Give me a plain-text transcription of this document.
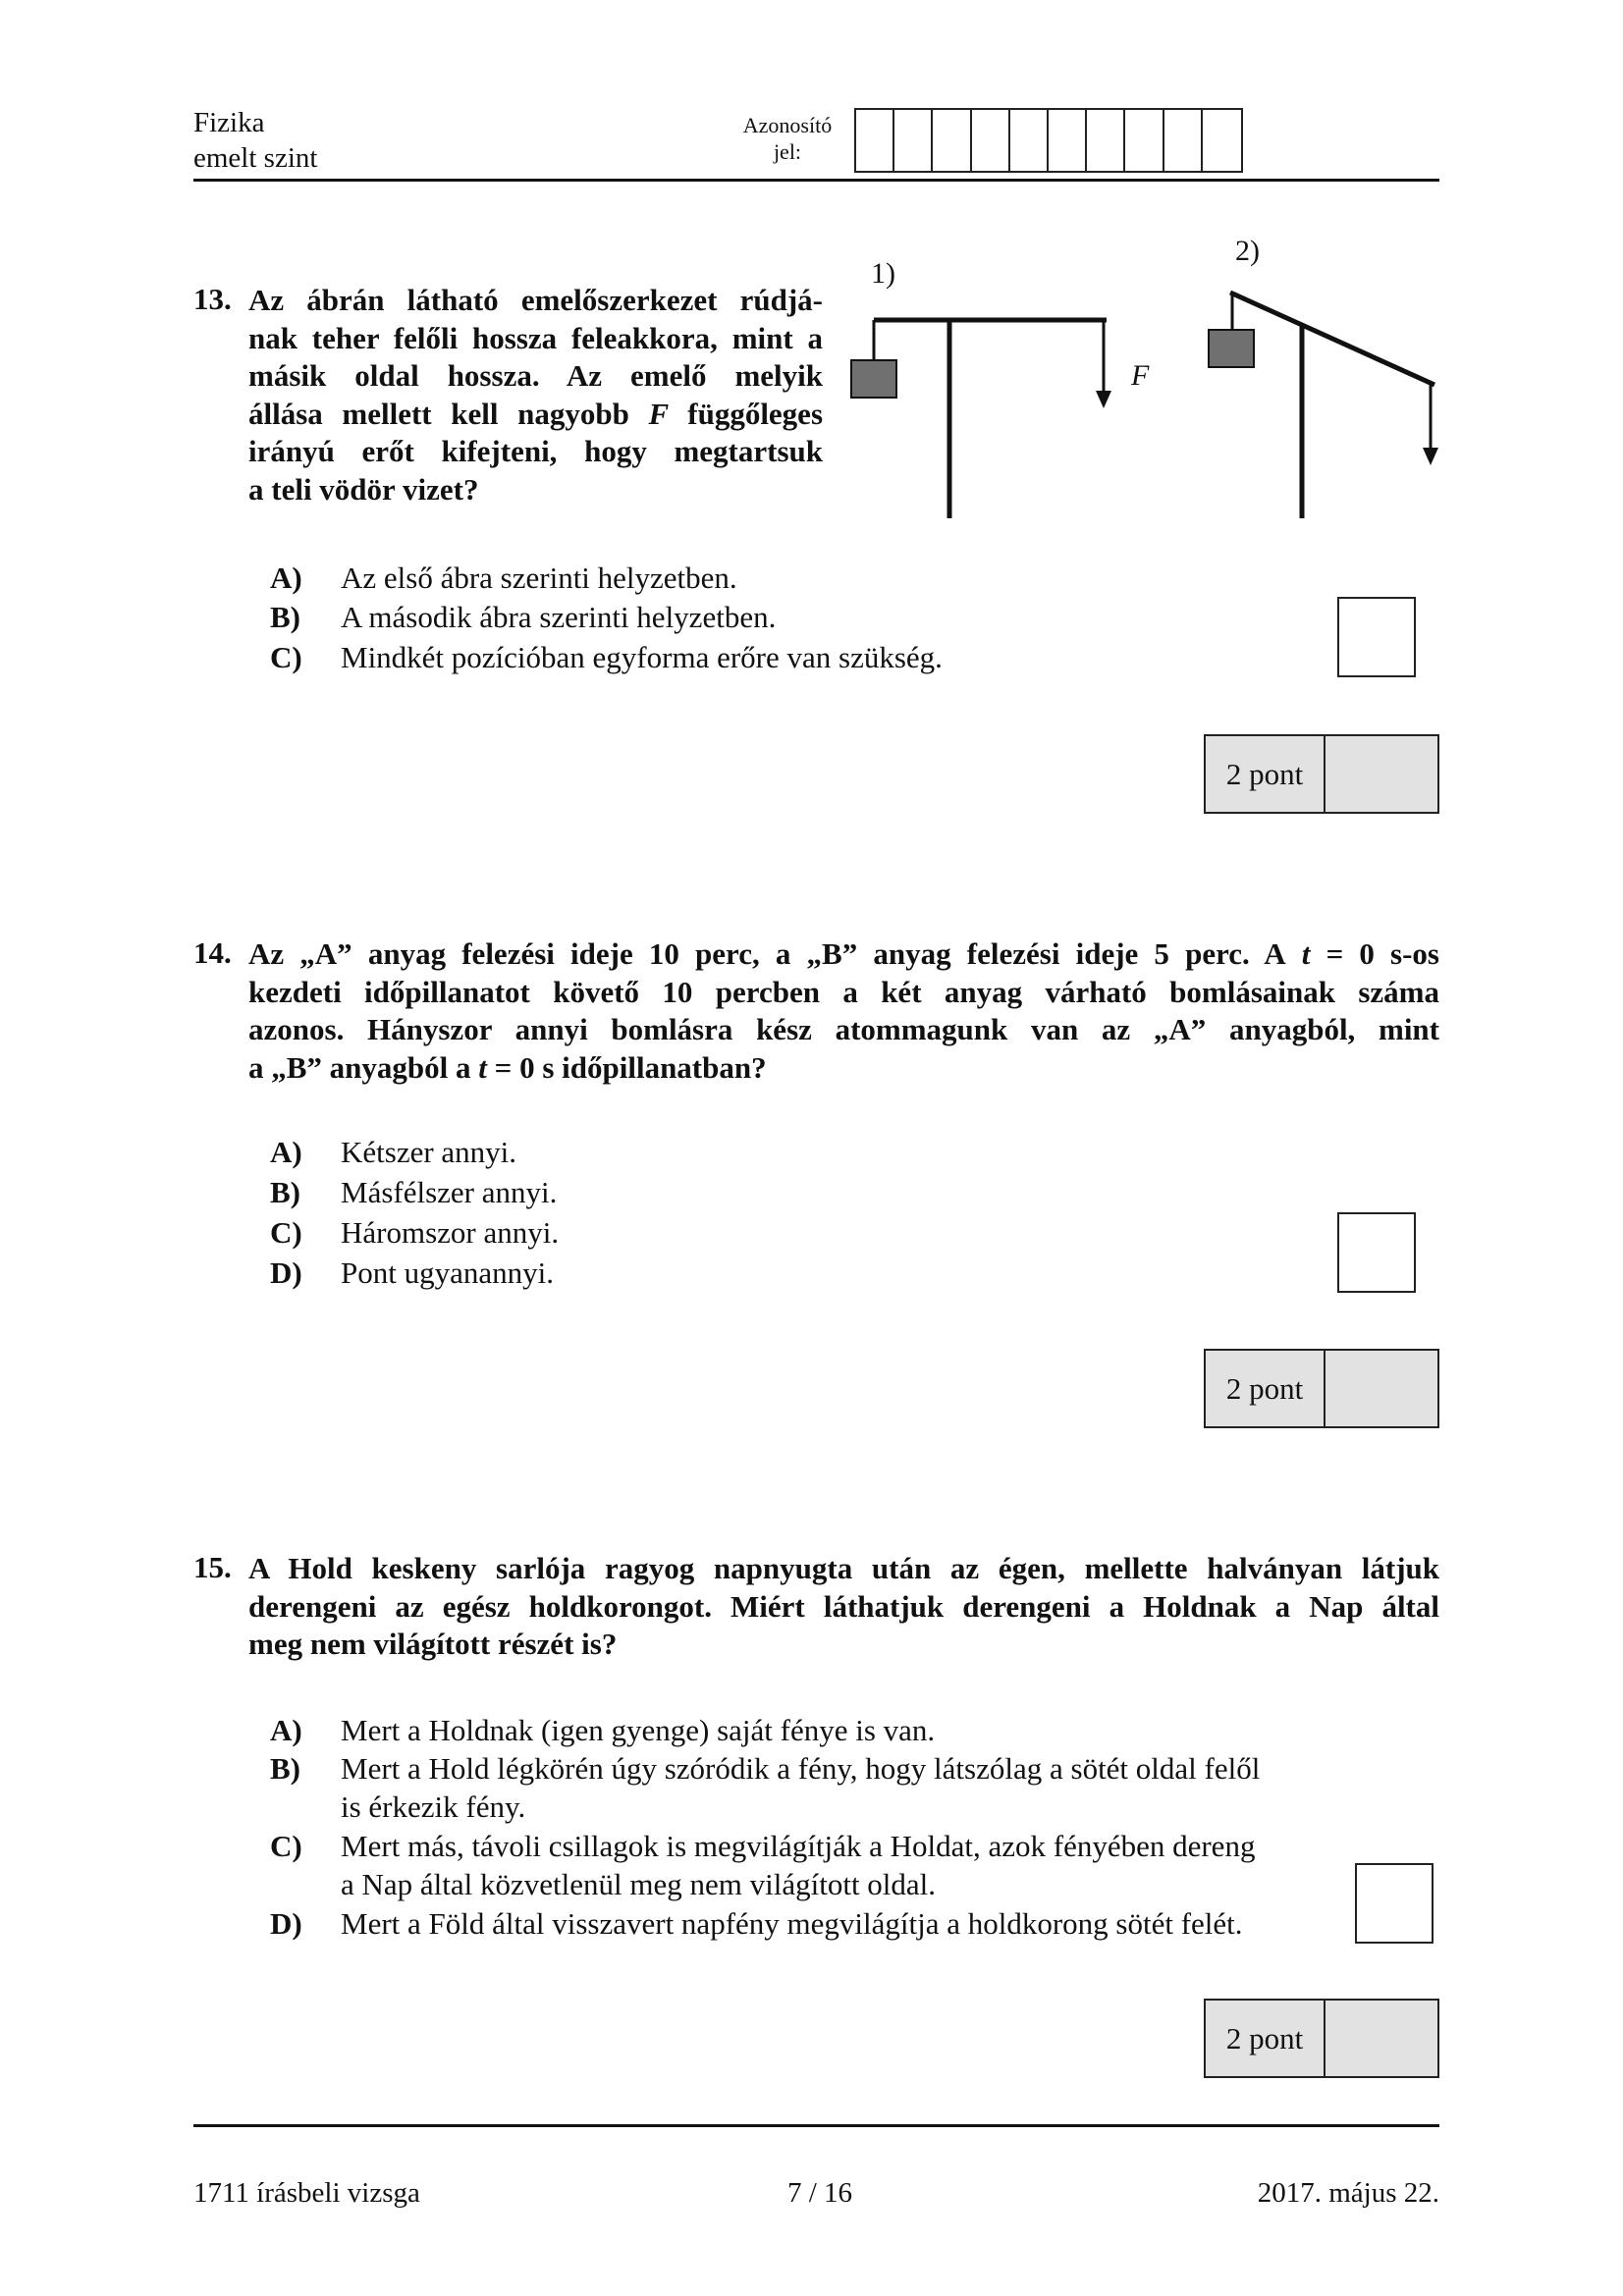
Fizika
emelt szint
Azonosító
jel:
13. Az ábrán látható emelőszerkezet rúdjá-
nak teher felőli hossza feleakkora, mint a
másik oldal hossza. Az emelő melyik
állása mellett kell nagyobb F függőleges
irányú erőt kifejteni, hogy megtartsuk
a teli vödör vizet?
1)
2)
F
A)	Az első ábra szerinti helyzetben.
B)	A második ábra szerinti helyzetben.
C)	Mindkét pozícióban egyforma erőre van szükség.
2 pont
14. Az „A” anyag felezési ideje 10 perc, a „B” anyag felezési ideje 5 perc. A t = 0 s-os
kezdeti időpillanatot követő 10 percben a két anyag várható bomlásainak száma
azonos. Hányszor annyi bomlásra kész atommagunk van az „A” anyagból, mint
a „B” anyagból a t = 0 s időpillanatban?
A)	Kétszer annyi.
B)	Másfélszer annyi.
C)	Háromszor annyi.
D)	Pont ugyanannyi.
2 pont
15. A Hold keskeny sarlója ragyog napnyugta után az égen, mellette halványan látjuk
derengeni az egész holdkorongot. Miért láthatjuk derengeni a Holdnak a Nap által
meg nem világított részét is?
A)	Mert a Holdnak (igen gyenge) saját fénye is van.
B)	Mert a Hold légkörén úgy szóródik a fény, hogy látszólag a sötét oldal felől
is érkezik fény.
C)	Mert más, távoli csillagok is megvilágítják a Holdat, azok fényében dereng
a Nap által közvetlenül meg nem világított oldal.
D)	Mert a Föld által visszavert napfény megvilágítja a holdkorong sötét felét.
2 pont
1711 írásbeli vizsga	7 / 16	2017. május 22.
